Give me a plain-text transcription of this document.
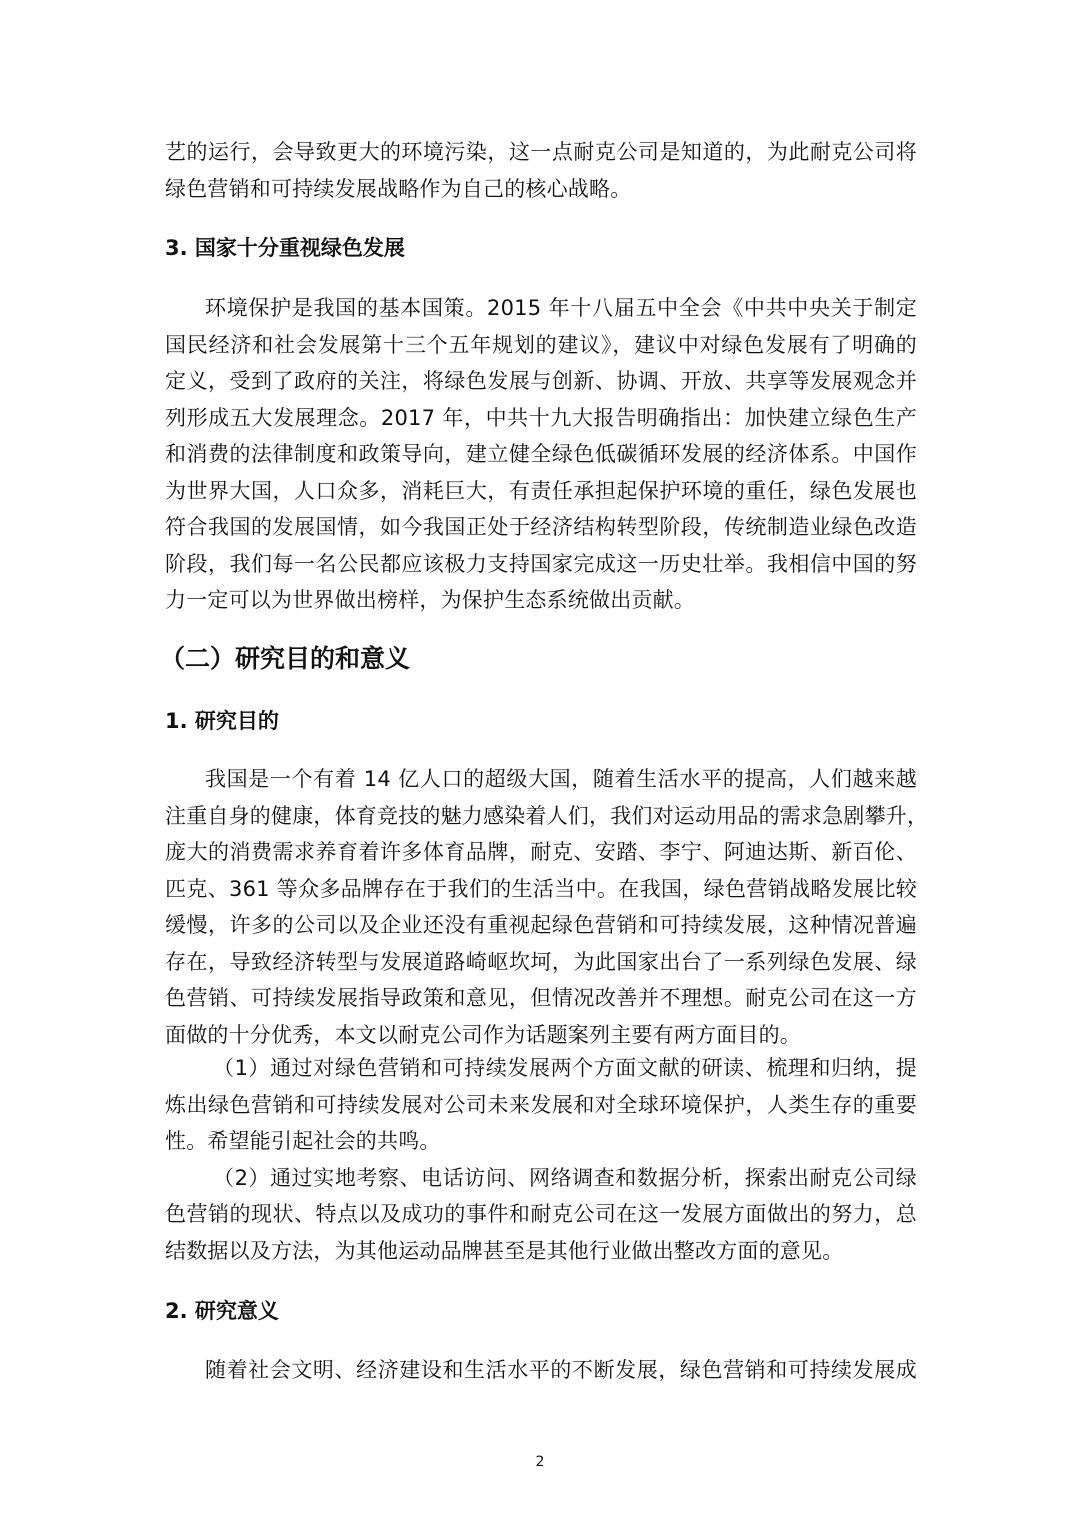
艺的运行，会导致更大的环境污染，这一点耐克公司是知道的，为此耐克公司将
绿色营销和可持续发展战略作为自己的核心战略。
3. 国家十分重视绿色发展
环境保护是我国的基本国策。2015 年十八届五中全会《中共中央关于制定
国民经济和社会发展第十三个五年规划的建议》，建议中对绿色发展有了明确的
定义，受到了政府的关注，将绿色发展与创新、协调、开放、共享等发展观念并
列形成五大发展理念。2017 年，中共十九大报告明确指出：加快建立绿色生产
和消费的法律制度和政策导向，建立健全绿色低碳循环发展的经济体系。中国作
为世界大国，人口众多，消耗巨大，有责任承担起保护环境的重任，绿色发展也
符合我国的发展国情，如今我国正处于经济结构转型阶段，传统制造业绿色改造
阶段，我们每一名公民都应该极力支持国家完成这一历史壮举。我相信中国的努
力一定可以为世界做出榜样，为保护生态系统做出贡献。
（二）研究目的和意义
1. 研究目的
我国是一个有着 14 亿人口的超级大国，随着生活水平的提高，人们越来越
注重自身的健康，体育竞技的魅力感染着人们，我们对运动用品的需求急剧攀升，
庞大的消费需求养育着许多体育品牌，耐克、安踏、李宁、阿迪达斯、新百伦、
匹克、361 等众多品牌存在于我们的生活当中。在我国，绿色营销战略发展比较
缓慢，许多的公司以及企业还没有重视起绿色营销和可持续发展，这种情况普遍
存在，导致经济转型与发展道路崎岖坎坷，为此国家出台了一系列绿色发展、绿
色营销、可持续发展指导政策和意见，但情况改善并不理想。耐克公司在这一方
面做的十分优秀，本文以耐克公司作为话题案列主要有两方面目的。
（1）通过对绿色营销和可持续发展两个方面文献的研读、梳理和归纳，提
炼出绿色营销和可持续发展对公司未来发展和对全球环境保护，人类生存的重要
性。希望能引起社会的共鸣。
（2）通过实地考察、电话访问、网络调查和数据分析，探索出耐克公司绿
色营销的现状、特点以及成功的事件和耐克公司在这一发展方面做出的努力，总
结数据以及方法，为其他运动品牌甚至是其他行业做出整改方面的意见。
2. 研究意义
随着社会文明、经济建设和生活水平的不断发展，绿色营销和可持续发展成
2
